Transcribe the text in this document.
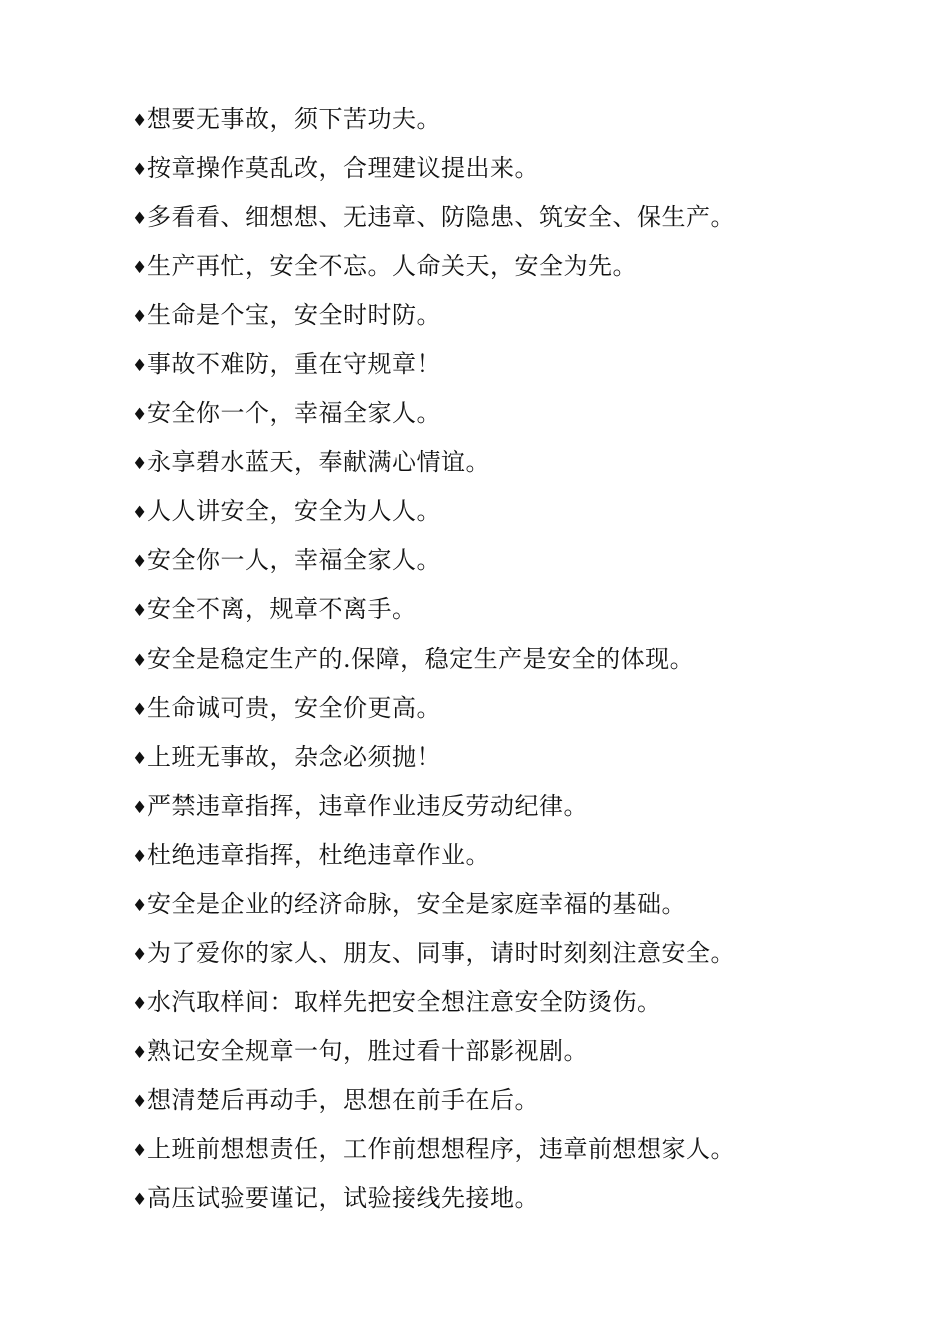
♦想要无事故，须下苦功夫。
♦按章操作莫乱改，合理建议提出来。
♦多看看、细想想、无违章、防隐患、筑安全、保生产。
♦生产再忙，安全不忘。人命关天，安全为先。
♦生命是个宝，安全时时防。
♦事故不难防，重在守规章！
♦安全你一个，幸福全家人。
♦永享碧水蓝天，奉献满心情谊。
♦人人讲安全，安全为人人。
♦安全你一人，幸福全家人。
♦安全不离，规章不离手。
♦安全是稳定生产的.保障，稳定生产是安全的体现。
♦生命诚可贵，安全价更高。
♦上班无事故，杂念必须抛！
♦严禁违章指挥，违章作业违反劳动纪律。
♦杜绝违章指挥，杜绝违章作业。
♦安全是企业的经济命脉，安全是家庭幸福的基础。
♦为了爱你的家人、朋友、同事，请时时刻刻注意安全。
♦水汽取样间：取样先把安全想注意安全防烫伤。
♦熟记安全规章一句，胜过看十部影视剧。
♦想清楚后再动手，思想在前手在后。
♦上班前想想责任，工作前想想程序，违章前想想家人。
♦高压试验要谨记，试验接线先接地。
